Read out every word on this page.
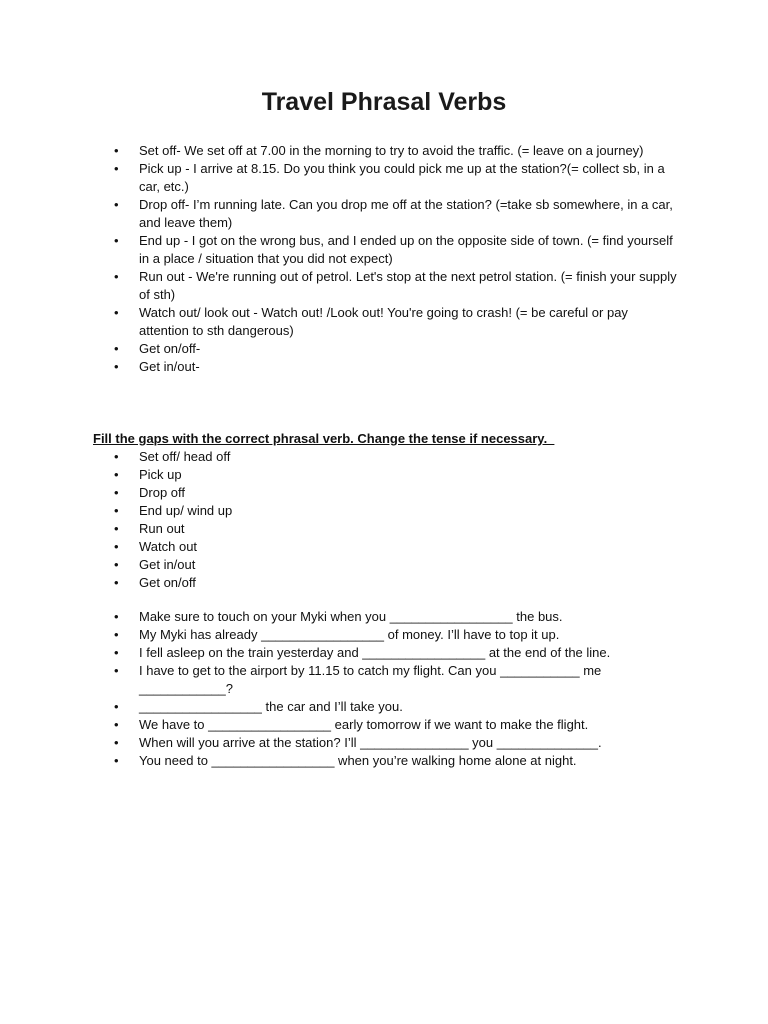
Travel Phrasal Verbs
• Set off- We set off at 7.00 in the morning to try to avoid the traffic. (= leave on a journey)
• Pick up - I arrive at 8.15. Do you think you could pick me up at the station?(= collect sb, in a car, etc.)
• Drop off- I’m running late. Can you drop me off at the station? (=take sb somewhere, in a car, and leave them)
• End up - I got on the wrong bus, and I ended up on the opposite side of town. (= find yourself in a place / situation that you did not expect)
• Run out - We're running out of petrol. Let's stop at the next petrol station. (= finish your supply of sth)
• Watch out/ look out - Watch out! /Look out! You're going to crash! (= be careful or pay attention to sth dangerous)
• Get on/off-
• Get in/out-
Fill the gaps with the correct phrasal verb. Change the tense if necessary.
• Set off/ head off
• Pick up
• Drop off
• End up/ wind up
• Run out
• Watch out
• Get in/out
• Get on/off
• Make sure to touch on your Myki when you _________________ the bus.
• My Myki has already _________________ of money. I’ll have to top it up.
• I fell asleep on the train yesterday and _________________ at the end of the line.
• I have to get to the airport by 11.15 to catch my flight. Can you ___________ me ____________?
• _________________ the car and I’ll take you.
• We have to _________________ early tomorrow if we want to make the flight.
• When will you arrive at the station? I’ll _______________ you ______________.
• You need to _________________ when you’re walking home alone at night.
